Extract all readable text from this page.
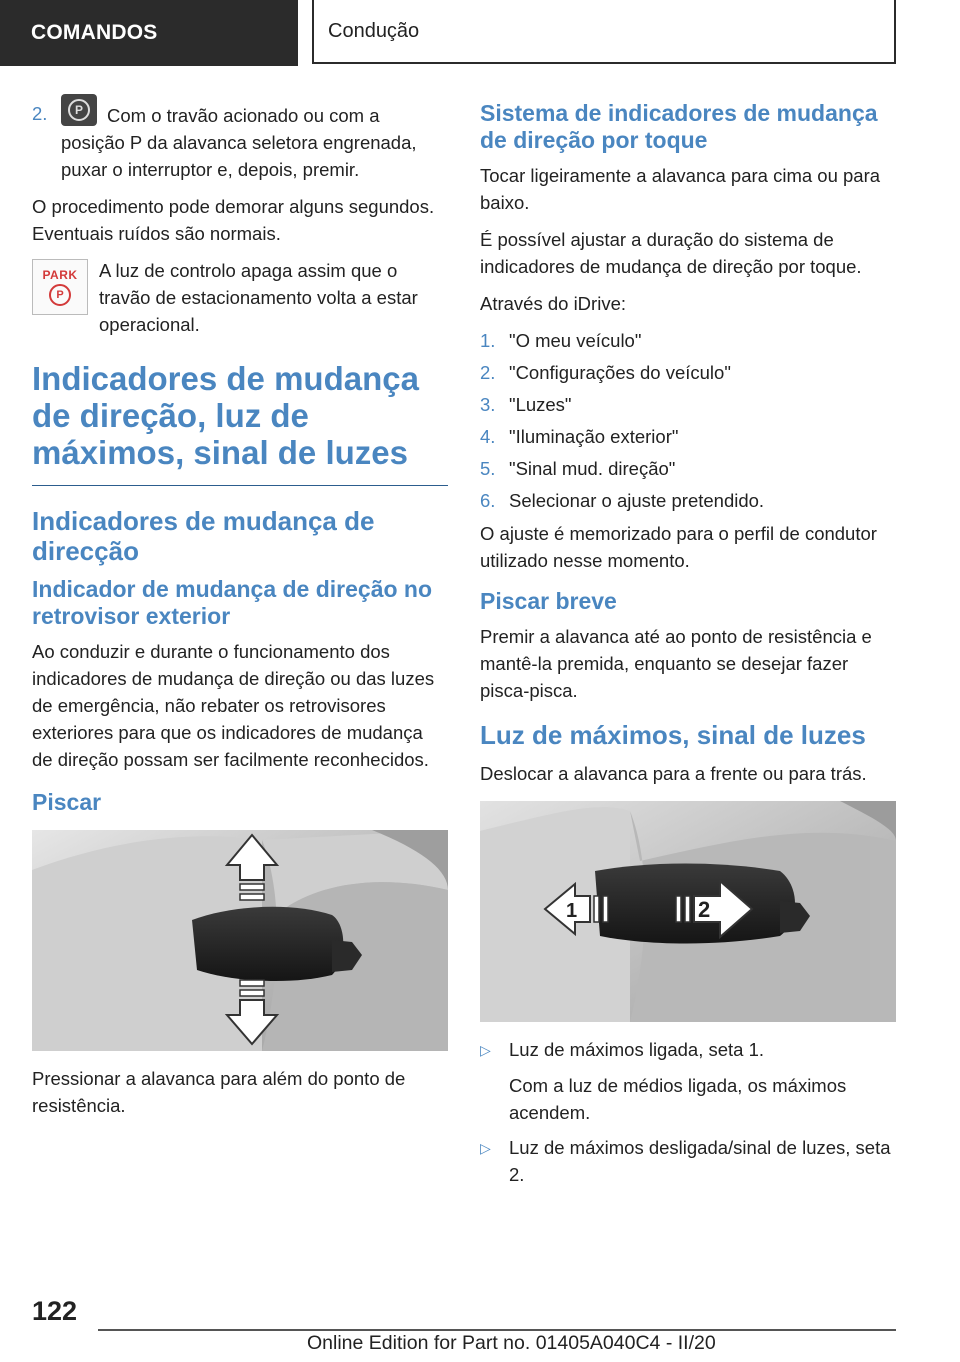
COMANDOS	Condução
2.	P	Com o travão acionado ou com a posição P da alavanca seletora engrenada, puxar o interruptor e, depois, premir.

O procedimento pode demorar alguns segundos. Eventuais ruídos são normais.

PARK
P

A luz de controlo apaga assim que o travão de estacionamento volta a estar operacional.

Indicadores de mudança de direção, luz de máximos, sinal de luzes
Indicadores de mudança de direcção
Indicador de mudança de direção no retrovisor exterior

Ao conduzir e durante o funcionamento dos indicadores de mudança de direção ou das luzes de emergência, não rebater os retrovisores exteriores para que os indicadores de mudança de direção possam ser facilmente reconhecidos.

Piscar

Pressionar a alavanca para além do ponto de resistência.

Sistema de indicadores de mudança de direção por toque

Tocar ligeiramente a alavanca para cima ou para baixo.

É possível ajustar a duração do sistema de indicadores de mudança de direção por toque.

Através do iDrive:

1. "O meu veículo"
2. "Configurações do veículo"
3. "Luzes"
4. "Iluminação exterior"
5. "Sinal mud. direção"
6. Selecionar o ajuste pretendido.

O ajuste é memorizado para o perfil de condutor utilizado nesse momento.

Piscar breve

Premir a alavanca até ao ponto de resistência e mantê-la premida, enquanto se desejar fazer pisca-pisca.

Luz de máximos, sinal de luzes

Deslocar a alavanca para a frente ou para trás.

1	2
▷ Luz de máximos ligada, seta 1.
Com a luz de médios ligada, os máximos acendem.
▷ Luz de máximos desligada/sinal de luzes, seta 2.
122
Online Edition for Part no. 01405A040C4 - II/20
